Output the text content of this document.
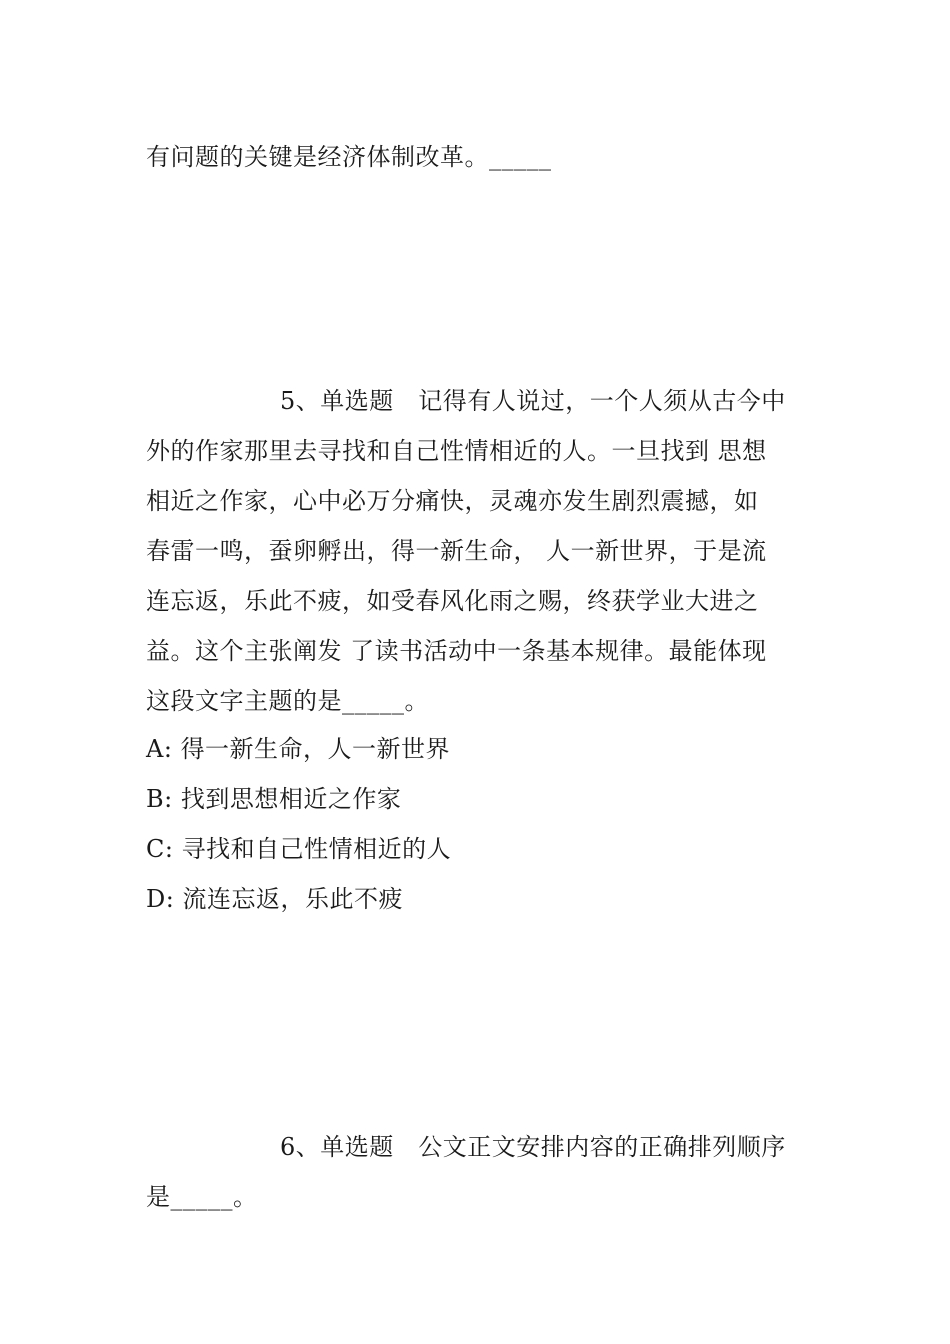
有问题的关键是经济体制改革。_____
5、单选题　 记得有人说过，一个人须从古今中
外的作家那里去寻找和自己性情相近的人。一旦找到 思想
相近之作家，心中必万分痛快，灵魂亦发生剧烈震撼，如
春雷一鸣，蚕卵孵出，得一新生命， 人一新世界，于是流
连忘返，乐此不疲，如受春风化雨之赐，终获学业大进之
益。这个主张阐发 了读书活动中一条基本规律。最能体现
这段文字主题的是_____。
A: 得一新生命，人一新世界
B: 找到思想相近之作家
C: 寻找和自己性情相近的人
D: 流连忘返，乐此不疲
6、单选题　 公文正文安排内容的正确排列顺序
是_____。
